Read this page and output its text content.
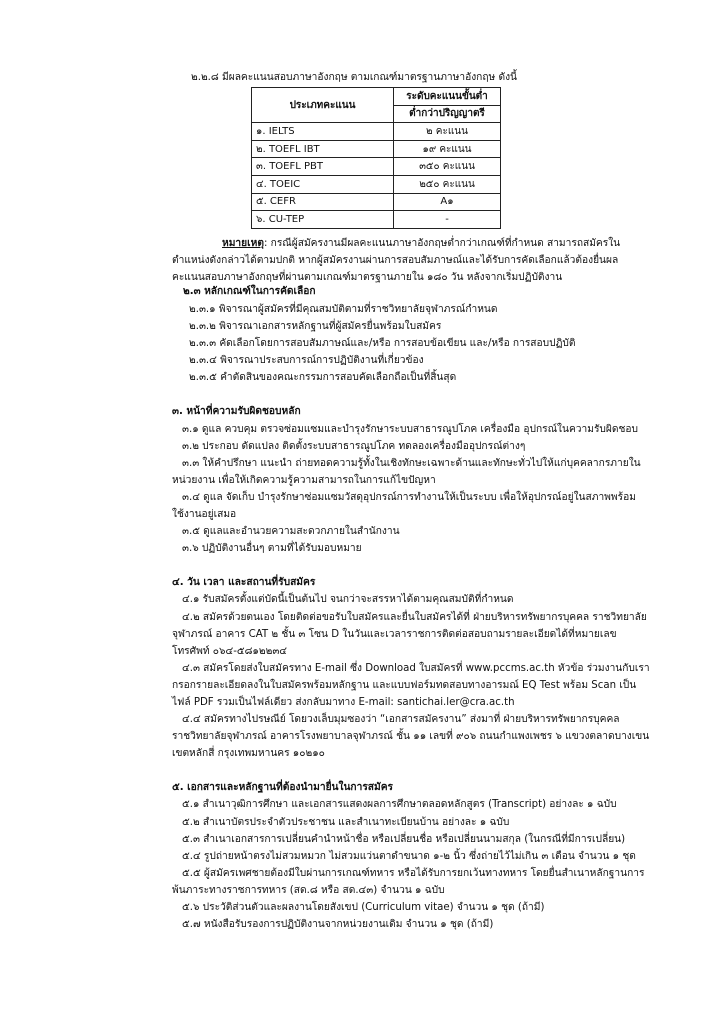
๒.๒.๘ มีผลคะแนนสอบภาษาอังกฤษ ตามเกณฑ์มาตรฐานภาษาอังกฤษ ดังนี้
ประเภทคะแนน	ระดับคะแนนขั้นต่ำ
	ต่ำกว่าปริญญาตรี
๑. IELTS	๒ คะแนน
๒. TOEFL IBT	๑๙ คะแนน
๓. TOEFL PBT	๓๕๐ คะแนน
๔. TOEIC	๒๕๐ คะแนน
๕. CEFR	A๑
๖. CU-TEP	-
หมายเหตุ : กรณีผู้สมัครงานมีผลคะแนนภาษาอังกฤษต่ำกว่าเกณฑ์ที่กำหนด สามารถสมัครใน
ตำแหน่งดังกล่าวได้ตามปกติ หากผู้สมัครงานผ่านการสอบสัมภาษณ์และได้รับการคัดเลือกแล้วต้องยื่นผล
คะแนนสอบภาษาอังกฤษที่ผ่านตามเกณฑ์มาตรฐานภายใน ๑๘๐ วัน หลังจากเริ่มปฏิบัติงาน
๒.๓ หลักเกณฑ์ในการคัดเลือก
๒.๓.๑ พิจารณาผู้สมัครที่มีคุณสมบัติตามที่ราชวิทยาลัยจุฬาภรณ์กำหนด
๒.๓.๒ พิจารณาเอกสารหลักฐานที่ผู้สมัครยื่นพร้อมใบสมัคร
๒.๓.๓ คัดเลือกโดยการสอบสัมภาษณ์และ/หรือ การสอบข้อเขียน และ/หรือ การสอบปฏิบัติ
๒.๓.๔ พิจารณาประสบการณ์การปฏิบัติงานที่เกี่ยวข้อง
๒.๓.๕ คำตัดสินของคณะกรรมการสอบคัดเลือกถือเป็นที่สิ้นสุด
๓. หน้าที่ความรับผิดชอบหลัก
๓.๑ ดูแล ควบคุม ตรวจซ่อมแซมและบำรุงรักษาระบบสาธารณูปโภค เครื่องมือ อุปกรณ์ในความรับผิดชอบ
๓.๒ ประกอบ ดัดแปลง ติดตั้งระบบสาธารณูปโภค ทดลองเครื่องมืออุปกรณ์ต่างๆ
๓.๓ ให้คำปรึกษา แนะนำ ถ่ายทอดความรู้ทั้งในเชิงทักษะเฉพาะด้านและทักษะทั่วไปให้แก่บุคคลากรภายใน
หน่วยงาน เพื่อให้เกิดความรู้ความสามารถในการแก้ไขปัญหา
๓.๔ ดูแล จัดเก็บ บำรุงรักษาซ่อมแซมวัสดุอุปกรณ์การทำงานให้เป็นระบบ เพื่อให้อุปกรณ์อยู่ในสภาพพร้อม
ใช้งานอยู่เสมอ
๓.๕ ดูแลและอำนวยความสะดวกภายในสำนักงาน
๓.๖ ปฏิบัติงานอื่นๆ ตามที่ได้รับมอบหมาย
๔. วัน เวลา และสถานที่รับสมัคร
๔.๑ รับสมัครตั้งแต่บัดนี้เป็นต้นไป จนกว่าจะสรรหาได้ตามคุณสมบัติที่กำหนด
๔.๒ สมัครด้วยตนเอง โดยติดต่อขอรับใบสมัครและยื่นใบสมัครได้ที่ ฝ่ายบริหารทรัพยากรบุคคล ราชวิทยาลัย
จุฬาภรณ์ อาคาร CAT ๒ ชั้น ๓ โซน D ในวันและเวลาราชการติดต่อสอบถามรายละเอียดได้ที่หมายเลข
โทรศัพท์ ๐๖๔-๕๘๑๒๒๓๔
๔.๓ สมัครโดยส่งใบสมัครทาง E-mail ซึ่ง Download ใบสมัครที่ www.pccms.ac.th หัวข้อ ร่วมงานกับเรา
กรอกรายละเอียดลงในใบสมัครพร้อมหลักฐาน และแบบฟอร์มทดสอบทางอารมณ์ EQ Test พร้อม Scan เป็น
ไฟล์ PDF รวมเป็นไฟล์เดียว ส่งกลับมาทาง E-mail: santichai.ler@cra.ac.th
๔.๔ สมัครทางไปรษณีย์ โดยวงเล็บมุมซองว่า “เอกสารสมัครงาน” ส่งมาที่ ฝ่ายบริหารทรัพยากรบุคคล
ราชวิทยาลัยจุฬาภรณ์ อาคารโรงพยาบาลจุฬาภรณ์ ชั้น ๑๑ เลขที่ ๙๐๖ ถนนกำแพงเพชร ๖ แขวงตลาดบางเขน
เขตหลักสี่ กรุงเทพมหานคร ๑๐๒๑๐
๕. เอกสารและหลักฐานที่ต้องนำมายื่นในการสมัคร
๕.๑ สำเนาวุฒิการศึกษา และเอกสารแสดงผลการศึกษาตลอดหลักสูตร (Transcript) อย่างละ ๑ ฉบับ
๕.๒ สำเนาบัตรประจำตัวประชาชน และสำเนาทะเบียนบ้าน อย่างละ ๑ ฉบับ
๕.๓ สำเนาเอกสารการเปลี่ยนคำนำหน้าชื่อ หรือเปลี่ยนชื่อ หรือเปลี่ยนนามสกุล (ในกรณีที่มีการเปลี่ยน)
๕.๔ รูปถ่ายหน้าตรงไม่สวมหมวก ไม่สวมแว่นตาดำขนาด ๑-๒ นิ้ว ซึ่งถ่ายไว้ไม่เกิน ๓ เดือน จำนวน ๑ ชุด
๕.๕ ผู้สมัครเพศชายต้องมีใบผ่านการเกณฑ์ทหาร หรือได้รับการยกเว้นทางทหาร โดยยื่นสำเนาหลักฐานการ
พ้นภาระทางราชการทหาร (สด.๘ หรือ สด.๔๓) จำนวน ๑ ฉบับ
๕.๖ ประวัติส่วนตัวและผลงานโดยสังเขป (Curriculum vitae) จำนวน ๑ ชุด (ถ้ามี)
๕.๗ หนังสือรับรองการปฏิบัติงานจากหน่วยงานเดิม จำนวน ๑ ชุด (ถ้ามี)
